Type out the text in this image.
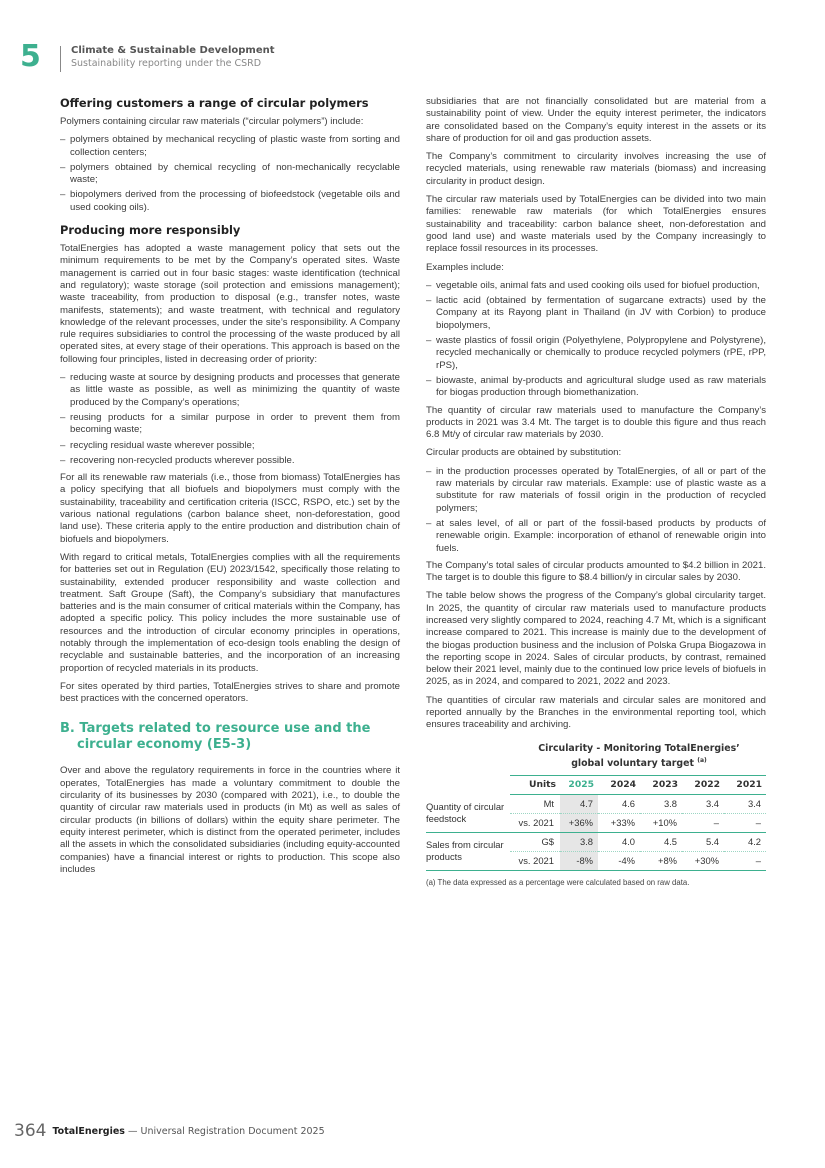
5	Climate & Sustainable Development
Sustainability reporting under the CSRD
Offering customers a range of circular polymers

Polymers containing circular raw materials (“circular polymers”) include:

– polymers obtained by mechanical recycling of plastic waste from sorting and collection centers;
– polymers obtained by chemical recycling of non-mechanically recyclable waste;
– biopolymers derived from the processing of biofeedstock (vegetable oils and used cooking oils).
Producing more responsibly

TotalEnergies has adopted a waste management policy that sets out the minimum requirements to be met by the Company’s operated sites. Waste management is carried out in four basic stages: waste identification (technical and regulatory); waste storage (soil protection and emissions management); waste traceability, from production to disposal (e.g., transfer notes, waste manifests, statements); and waste treatment, with technical and regulatory knowledge of the relevant processes, under the site’s responsibility. A Company rule requires subsidiaries to control the processing of the waste produced by all operated sites, at every stage of their operations. This approach is based on the following four principles, listed in decreasing order of priority:

– reducing waste at source by designing products and processes that generate as little waste as possible, as well as minimizing the quantity of waste produced by the Company’s operations;
– reusing products for a similar purpose in order to prevent them from becoming waste;
– recycling residual waste wherever possible;
– recovering non-recycled products wherever possible.

For all its renewable raw materials (i.e., those from biomass) TotalEnergies has a policy specifying that all biofuels and biopolymers must comply with the sustainability, traceability and certification criteria (ISCC, RSPO, etc.) set by the various national regulations (carbon balance sheet, non-deforestation, good land use). These criteria apply to the entire production and distribution chain of biofuels and biopolymers.

With regard to critical metals, TotalEnergies complies with all the requirements for batteries set out in Regulation (EU) 2023/1542, specifically those relating to sustainability, extended producer responsibility and waste collection and treatment. Saft Groupe (Saft), the Company’s subsidiary that manufactures batteries and is the main consumer of critical materials within the Company, has adopted a specific policy. This policy includes the more sustainable use of resources and the introduction of circular economy principles in operations, notably through the implementation of eco-design tools enabling the design of recyclable and sustainable batteries, and the incorporation of an increasing proportion of recycled materials in its products.

For sites operated by third parties, TotalEnergies strives to share and promote best practices with the concerned operators.

B. Targets related to resource use and the circular economy (E5-3)

Over and above the regulatory requirements in force in the countries where it operates, TotalEnergies has made a voluntary commitment to double the circularity of its businesses by 2030 (compared with 2021), i.e., to double the quantity of circular raw materials used in products (in Mt) as well as sales of circular products (in billions of dollars) within the equity share perimeter. The equity interest perimeter, which is distinct from the operated perimeter, includes all the assets in which the consolidated subsidiaries (including equity-accounted companies) have a financial interest or rights to production. This scope also includes

subsidiaries that are not financially consolidated but are material from a sustainability point of view. Under the equity interest perimeter, the indicators are consolidated based on the Company’s equity interest in the assets or its share of production for oil and gas production assets.

The Company’s commitment to circularity involves increasing the use of recycled materials, using renewable raw materials (biomass) and increasing circularity in product design.

The circular raw materials used by TotalEnergies can be divided into two main families: renewable raw materials (for which TotalEnergies ensures sustainability and traceability: carbon balance sheet, non-deforestation and good land use) and waste materials used by the Company increasingly to replace fossil resources in its processes.

Examples include:

– vegetable oils, animal fats and used cooking oils used for biofuel production,
– lactic acid (obtained by fermentation of sugarcane extracts) used by the Company at its Rayong plant in Thailand (in JV with Corbion) to produce biopolymers,
– waste plastics of fossil origin (Polyethylene, Polypropylene and Polystyrene), recycled mechanically or chemically to produce recycled polymers (rPE, rPP, rPS),
– biowaste, animal by-products and agricultural sludge used as raw materials for biogas production through biomethanization.

The quantity of circular raw materials used to manufacture the Company’s products in 2021 was 3.4 Mt. The target is to double this figure and thus reach 6.8 Mt/y of circular raw materials by 2030.

Circular products are obtained by substitution:

– in the production processes operated by TotalEnergies, of all or part of the raw materials by circular raw materials. Example: use of plastic waste as a substitute for raw materials of fossil origin in the production of recycled polymers;
– at sales level, of all or part of the fossil-based products by products of renewable origin. Example: incorporation of ethanol of renewable origin into fuels.

The Company’s total sales of circular products amounted to $4.2 billion in 2021. The target is to double this figure to $8.4 billion/y in circular sales by 2030.

The table below shows the progress of the Company’s global circularity target. In 2025, the quantity of circular raw materials used to manufacture products increased very slightly compared to 2024, reaching 4.7 Mt, which is a significant increase compared to 2021. This increase is mainly due to the development of the biogas production business and the inclusion of Polska Grupa Biogazowa in the reporting scope in 2024. Sales of circular products, by contrast, remained below their 2021 level, mainly due to the continued low price levels of biofuels in 2025, as in 2024, and compared to 2021, 2022 and 2023.

The quantities of circular raw materials and circular sales are monitored and reported annually by the Branches in the environmental reporting tool, which ensures traceability and archiving.

Circularity - Monitoring TotalEnergies’ global voluntary target $^{(a)}$
	Units	2025	2024	2023	2022	2021
Quantity of circular feedstock	Mt	4.7	4.6	3.8	3.4	3.4
	vs. 2021	+36%	+33%	+10%	–	–
Sales from circular products	G$	3.8	4.0	4.5	5.4	4.2
	vs. 2021	-8%	-4%	+8%	+30%	–
(a) The data expressed as a percentage were calculated based on raw data.
364 TotalEnergies — Universal Registration Document 2025
